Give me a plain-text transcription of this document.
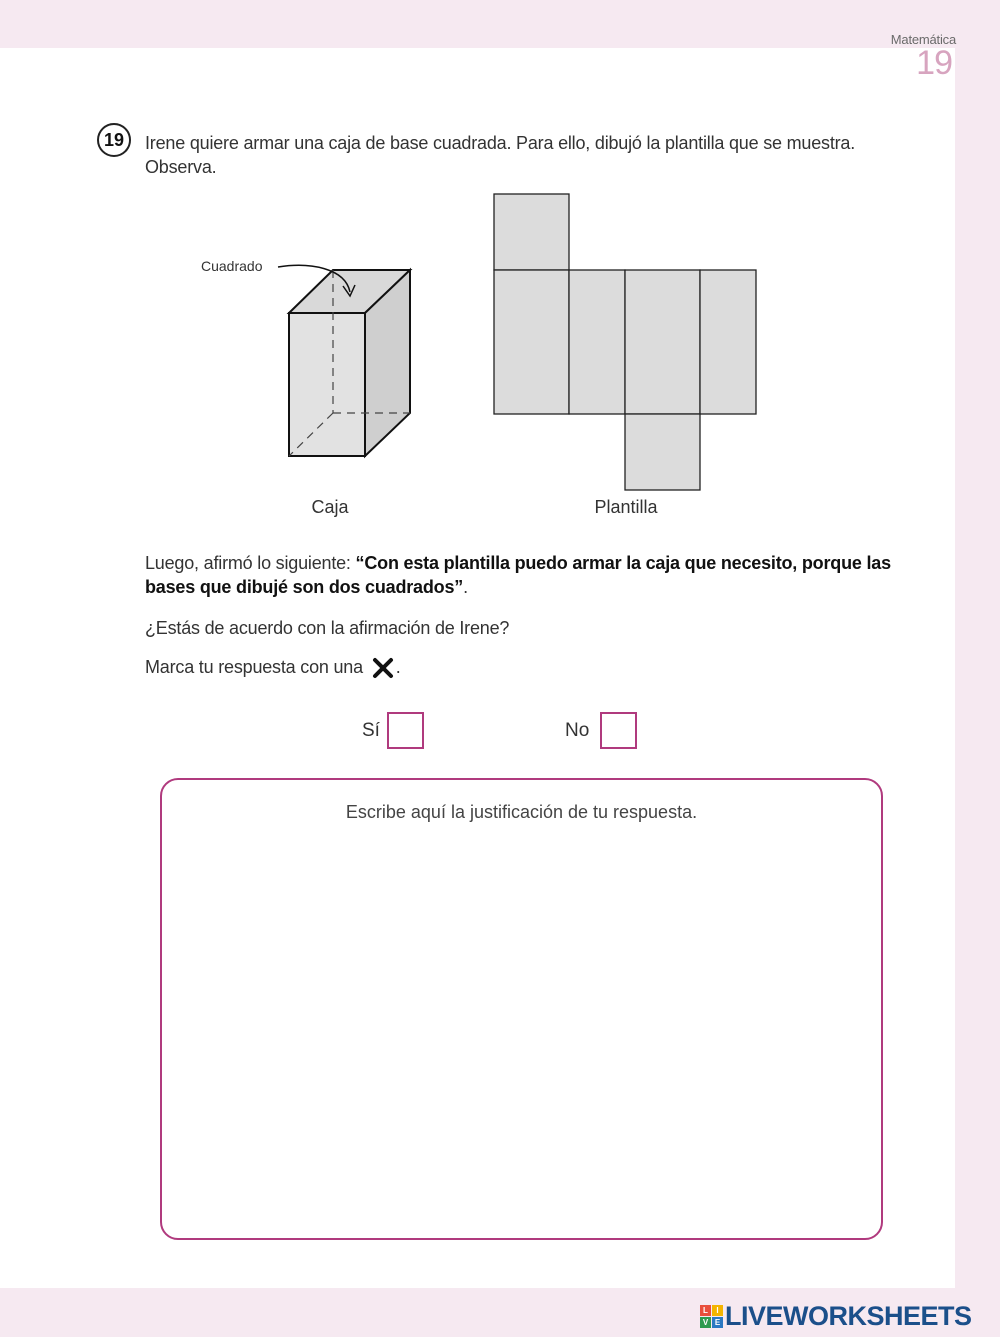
Matemática
19
19	Irene quiere armar una caja de base cuadrada. Para ello, dibujó la plantilla que se muestra. Observa.
Cuadrado
Caja	Plantilla
Luego, afirmó lo siguiente: “Con esta plantilla puedo armar la caja que necesito, porque las bases que dibujé son dos cuadrados”.
¿Estás de acuerdo con la afirmación de Irene?
Marca tu respuesta con una .
Sí	No
Escribe aquí la justificación de tu respuesta.
L	I
V E LIVEWORKSHEETS
